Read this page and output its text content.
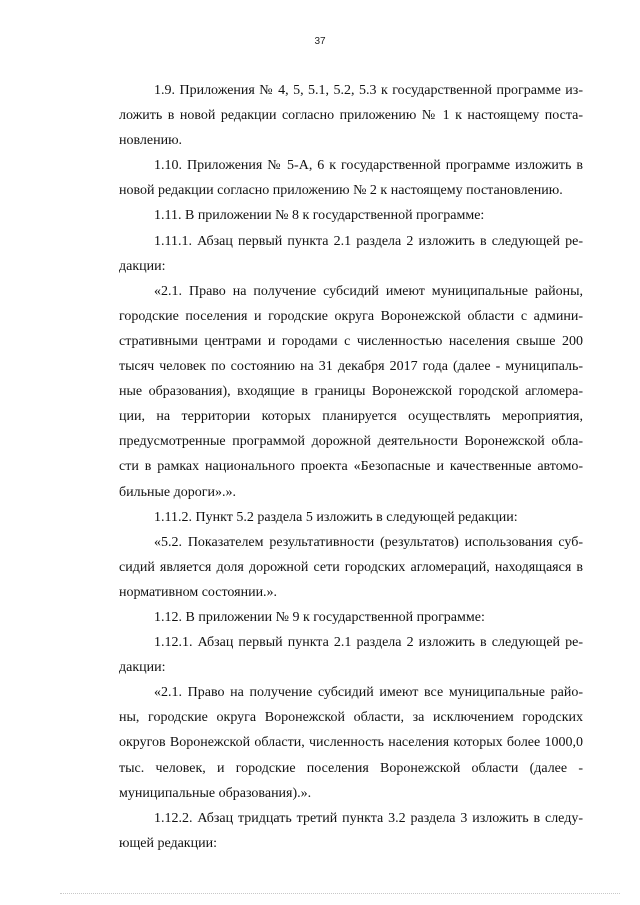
37

1.9. Приложения № 4, 5, 5.1, 5.2, 5.3 к государственной программе из-ложить в новой редакции согласно приложению № 1 к настоящему поста-новлению.

1.10. Приложения № 5-А, 6 к государственной программе изложить в новой редакции согласно приложению № 2 к настоящему постановлению.

1.11. В приложении № 8 к государственной программе:

1.11.1. Абзац первый пункта 2.1 раздела 2 изложить в следующей ре-дакции:

«2.1. Право на получение субсидий имеют муниципальные районы, городские поселения и городские округа Воронежской области с админи-стративными центрами и городами с численностью населения свыше 200 тысяч человек по состоянию на 31 декабря 2017 года (далее - муниципаль-ные образования), входящие в границы Воронежской городской агломера-ции, на территории которых планируется осуществлять мероприятия, предусмотренные программой дорожной деятельности Воронежской обла-сти в рамках национального проекта «Безопасные и качественные автомо-бильные дороги».».

1.11.2. Пункт 5.2 раздела 5 изложить в следующей редакции:

«5.2. Показателем результативности (результатов) использования суб-сидий является доля дорожной сети городских агломераций, находящаяся в нормативном состоянии.».

1.12. В приложении № 9 к государственной программе:

1.12.1. Абзац первый пункта 2.1 раздела 2 изложить в следующей ре-дакции:

«2.1. Право на получение субсидий имеют все муниципальные райо-ны, городские округа Воронежской области, за исключением городских округов Воронежской области, численность населения которых более 1000,0 тыс. человек, и городские поселения Воронежской области (далее - муниципальные образования).».

1.12.2. Абзац тридцать третий пункта 3.2 раздела 3 изложить в следу-ющей редакции:
